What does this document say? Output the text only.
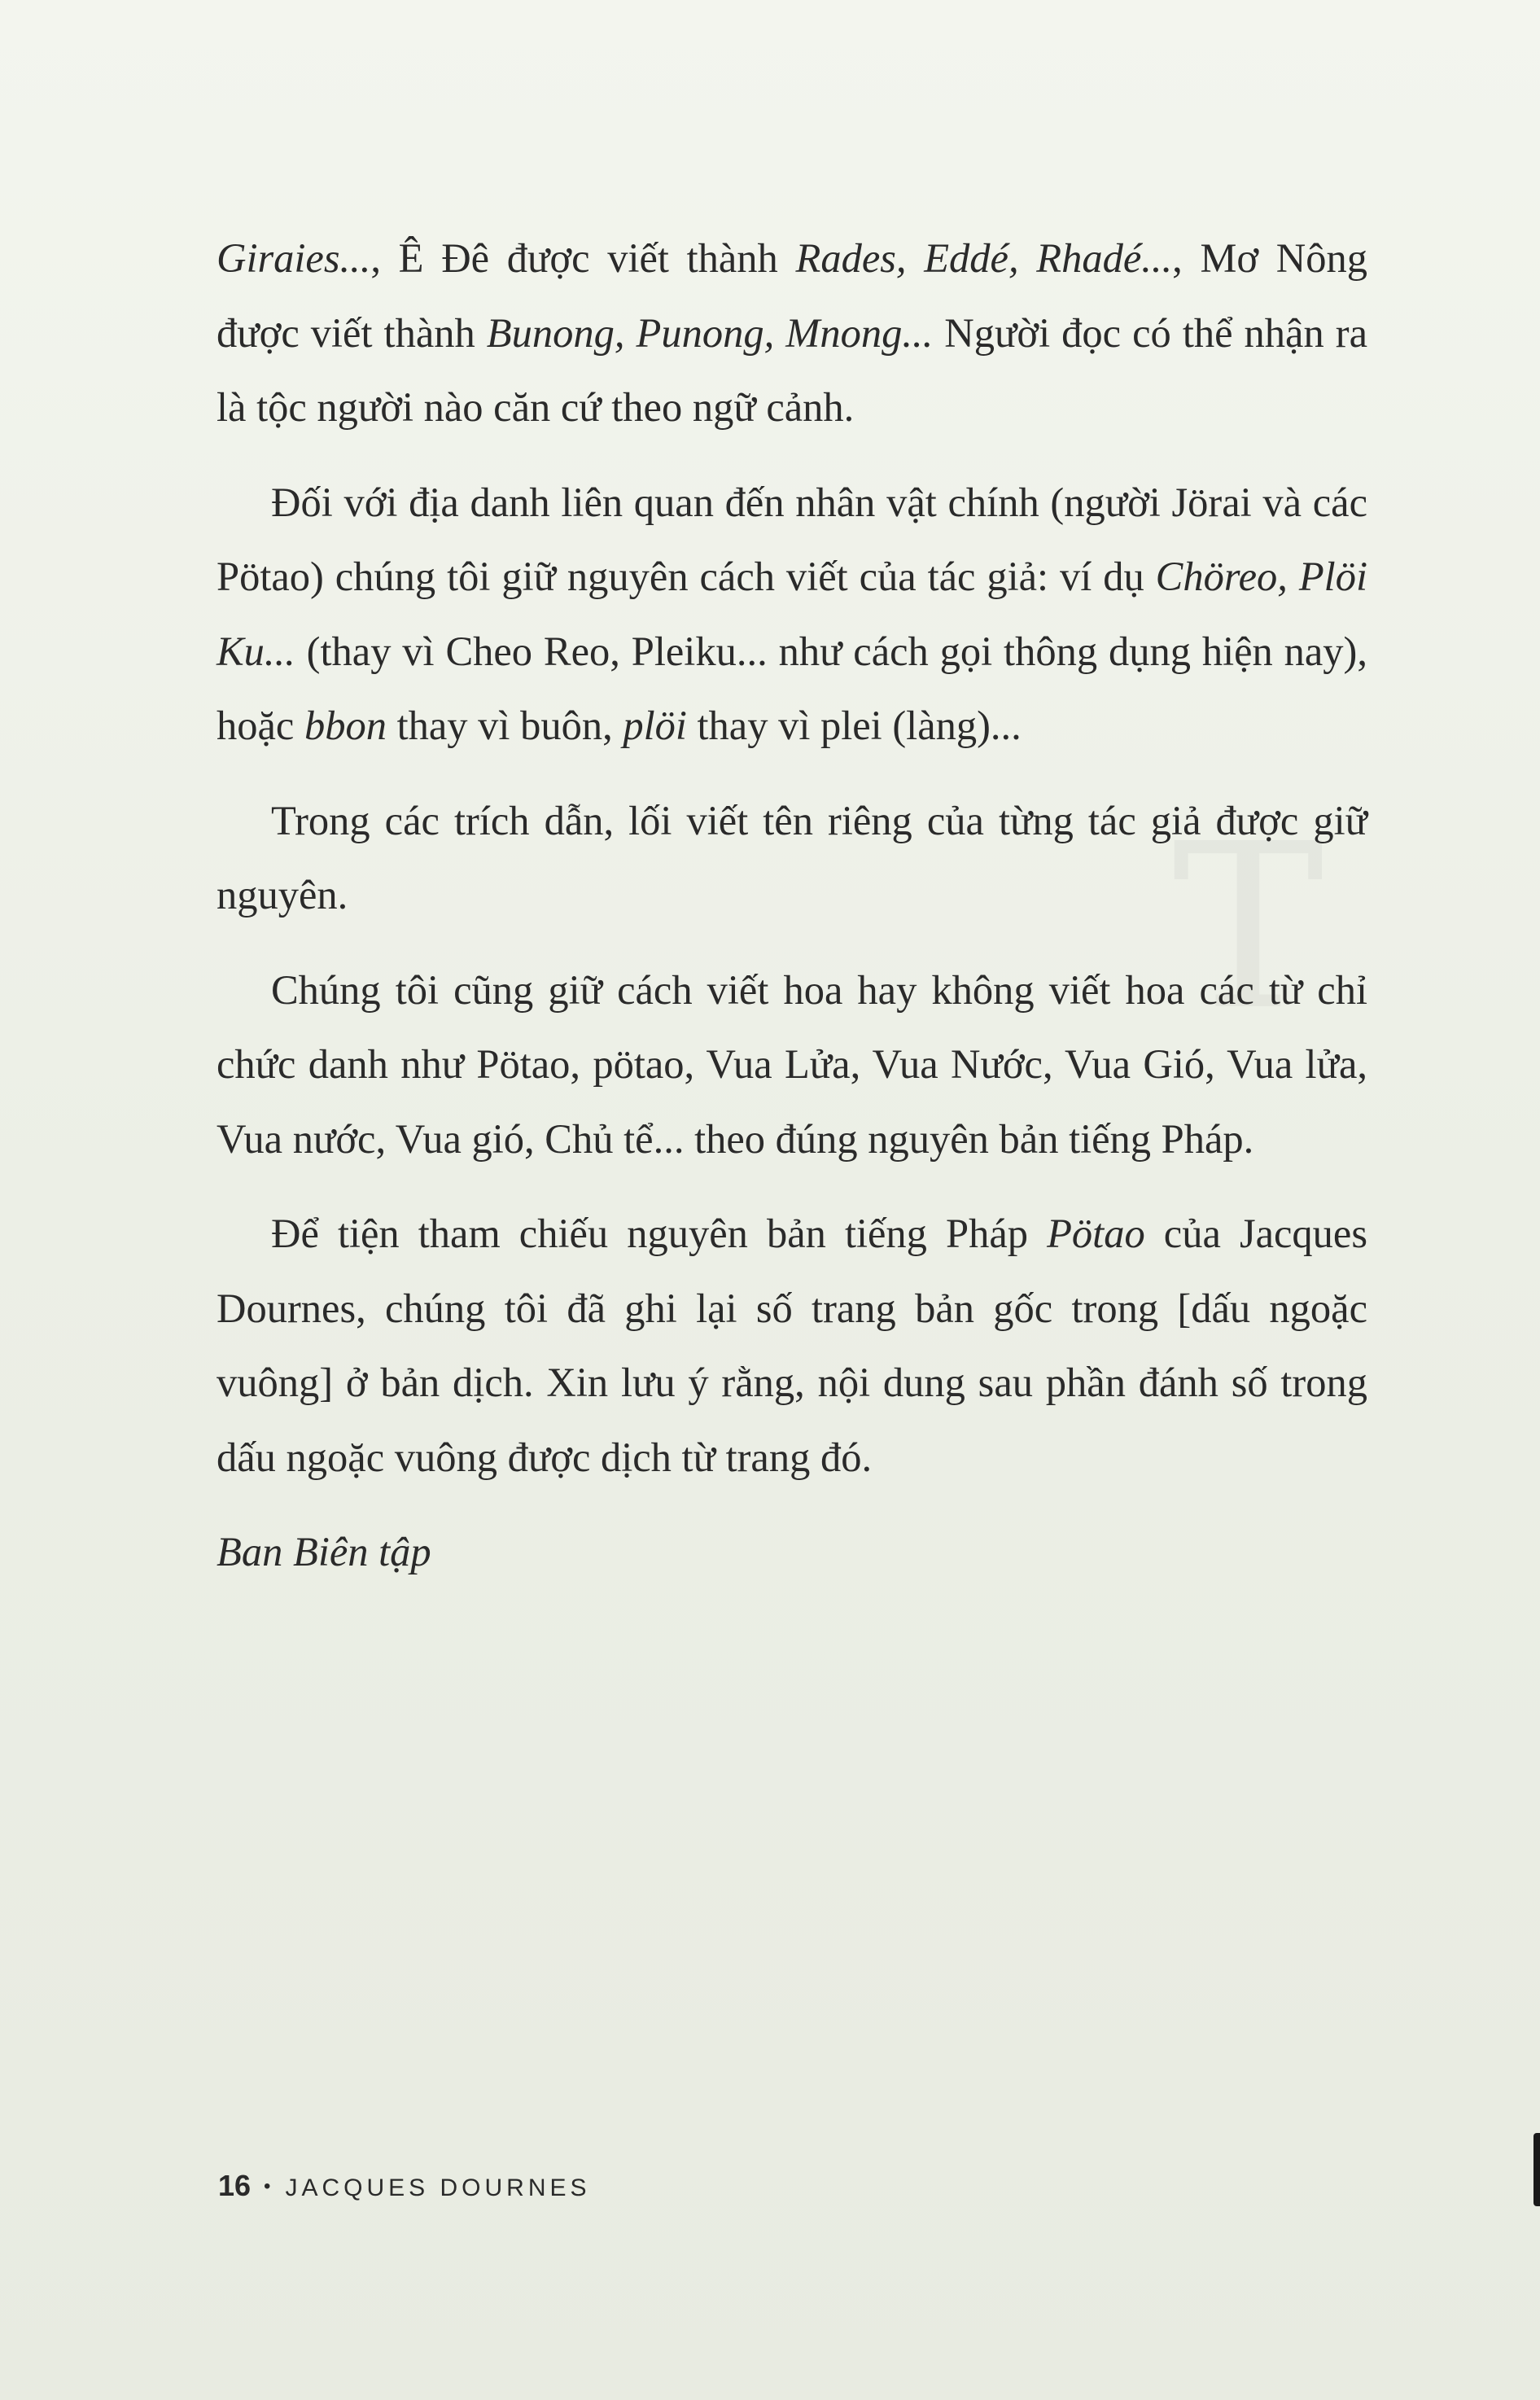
Giraies..., Ê Đê được viết thành Rades, Eddé, Rhadé..., Mơ Nông được viết thành Bunong, Punong, Mnong... Người đọc có thể nhận ra là tộc người nào căn cứ theo ngữ cảnh.

Đối với địa danh liên quan đến nhân vật chính (người Jörai và các Pötao) chúng tôi giữ nguyên cách viết của tác giả: ví dụ Chöreo, Plöi Ku... (thay vì Cheo Reo, Pleiku... như cách gọi thông dụng hiện nay), hoặc bbon thay vì buôn, plöi thay vì plei (làng)...

Trong các trích dẫn, lối viết tên riêng của từng tác giả được giữ nguyên.

Chúng tôi cũng giữ cách viết hoa hay không viết hoa các từ chỉ chức danh như Pötao, pötao, Vua Lửa, Vua Nước, Vua Gió, Vua lửa, Vua nước, Vua gió, Chủ tể... theo đúng nguyên bản tiếng Pháp.

Để tiện tham chiếu nguyên bản tiếng Pháp Pötao của Jacques Dournes, chúng tôi đã ghi lại số trang bản gốc trong [dấu ngoặc vuông] ở bản dịch. Xin lưu ý rằng, nội dung sau phần đánh số trong dấu ngoặc vuông được dịch từ trang đó.

Ban Biên tập

16 • JACQUES DOURNES
